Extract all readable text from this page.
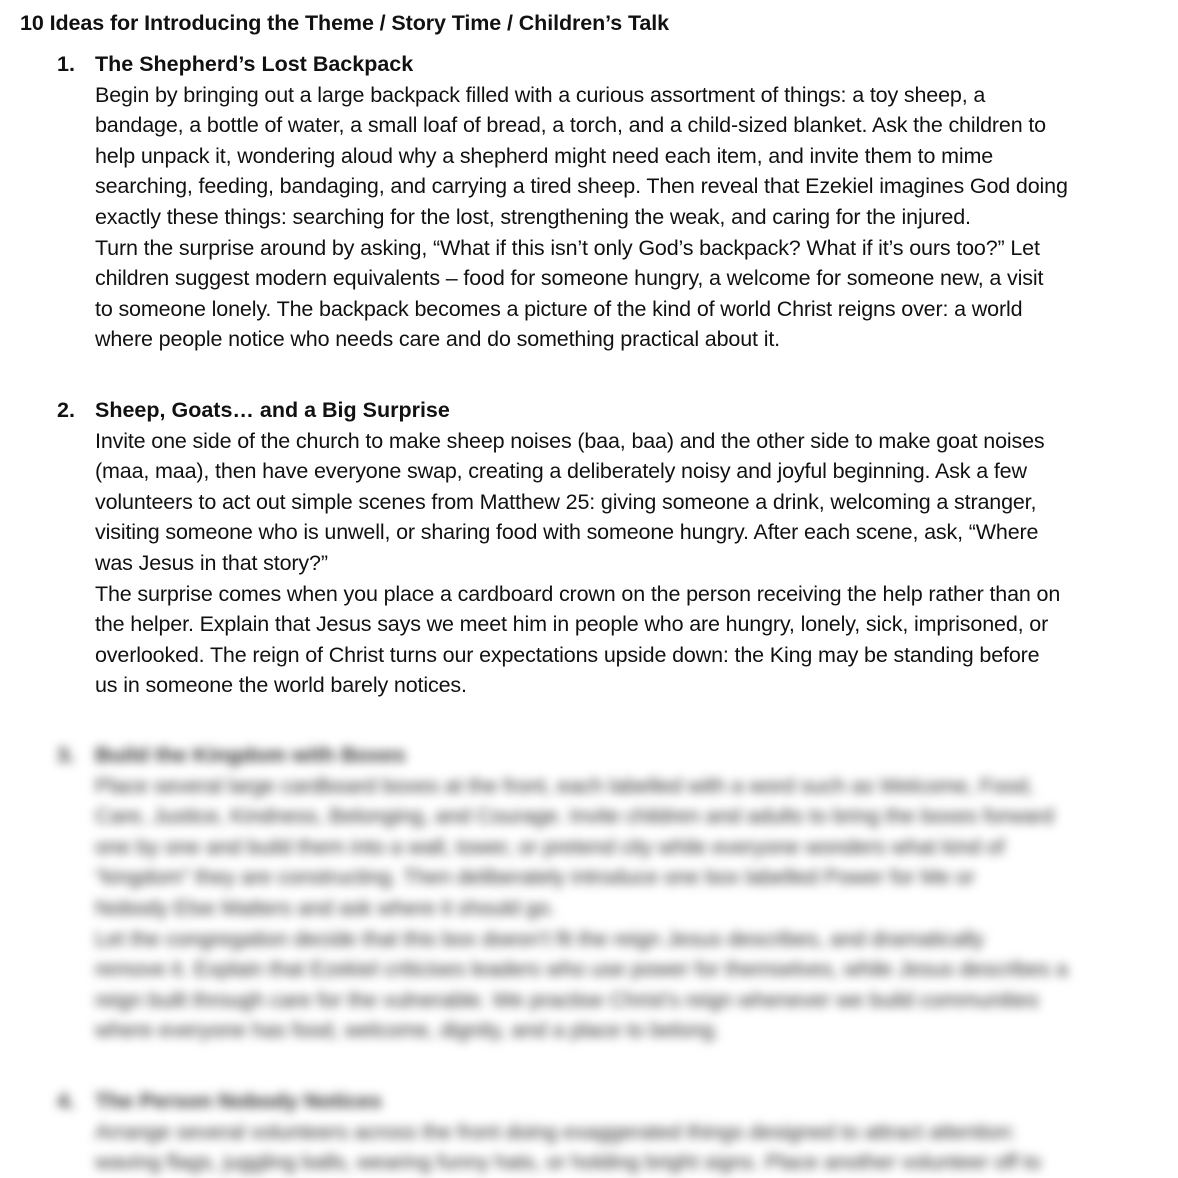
10 Ideas for Introducing the Theme / Story Time / Children’s Talk
1. The Shepherd’s Lost Backpack
Begin by bringing out a large backpack filled with a curious assortment of things: a toy sheep, a
bandage, a bottle of water, a small loaf of bread, a torch, and a child-sized blanket. Ask the children to
help unpack it, wondering aloud why a shepherd might need each item, and invite them to mime
searching, feeding, bandaging, and carrying a tired sheep. Then reveal that Ezekiel imagines God doing
exactly these things: searching for the lost, strengthening the weak, and caring for the injured.
Turn the surprise around by asking, “What if this isn’t only God’s backpack? What if it’s ours too?” Let
children suggest modern equivalents – food for someone hungry, a welcome for someone new, a visit
to someone lonely. The backpack becomes a picture of the kind of world Christ reigns over: a world
where people notice who needs care and do something practical about it.
2. Sheep, Goats… and a Big Surprise
Invite one side of the church to make sheep noises (baa, baa) and the other side to make goat noises
(maa, maa), then have everyone swap, creating a deliberately noisy and joyful beginning. Ask a few
volunteers to act out simple scenes from Matthew 25: giving someone a drink, welcoming a stranger,
visiting someone who is unwell, or sharing food with someone hungry. After each scene, ask, “Where
was Jesus in that story?”
The surprise comes when you place a cardboard crown on the person receiving the help rather than on
the helper. Explain that Jesus says we meet him in people who are hungry, lonely, sick, imprisoned, or
overlooked. The reign of Christ turns our expectations upside down: the King may be standing before
us in someone the world barely notices.
3. Build the Kingdom with Boxes
Place several large cardboard boxes at the front, each labelled with a word such as Welcome, Food,
Care, Justice, Kindness, Belonging, and Courage. Invite children and adults to bring the boxes forward
one by one and build them into a wall, tower, or pretend city while everyone wonders what kind of
“kingdom” they are constructing. Then deliberately introduce one box labelled Power for Me or
Nobody Else Matters and ask where it should go.
Let the congregation decide that this box doesn’t fit the reign Jesus describes, and dramatically
remove it. Explain that Ezekiel criticises leaders who use power for themselves, while Jesus describes a
reign built through care for the vulnerable. We practise Christ’s reign whenever we build communities
where everyone has food, welcome, dignity, and a place to belong.
4. The Person Nobody Notices
Arrange several volunteers across the front doing exaggerated things designed to attract attention:
waving flags, juggling balls, wearing funny hats, or holding bright signs. Place another volunteer off to
